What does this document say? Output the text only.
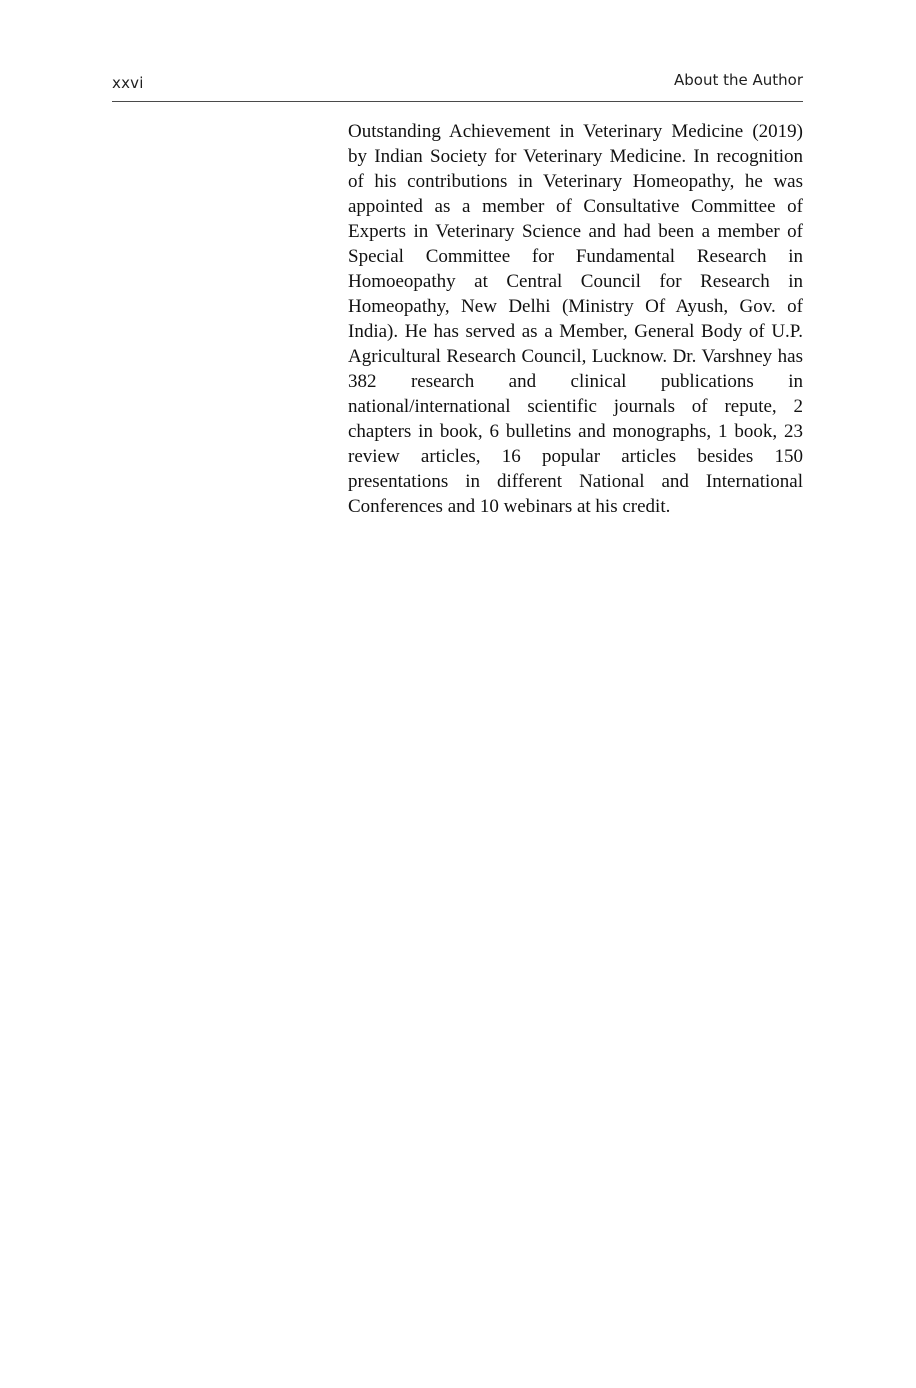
xxvi	About the Author

Outstanding Achievement in Veterinary Medicine (2019) by Indian Society for Veterinary Medicine. In recognition of his contributions in Veterinary Homeopathy, he was appointed as a member of Consultative Committee of Experts in Veterinary Science and had been a member of Special Committee for Fundamental Research in Homoeopathy at Central Council for Research in Homeopathy, New Delhi (Ministry Of Ayush, Gov. of India). He has served as a Member, General Body of U.P. Agricultural Research Council, Lucknow. Dr. Varshney has 382 research and clinical publications in national/international scientific journals of repute, 2 chapters in book, 6 bulletins and monographs, 1 book, 23 review articles, 16 popular articles besides 150 presentations in different National and International Conferences and 10 webinars at his credit.
